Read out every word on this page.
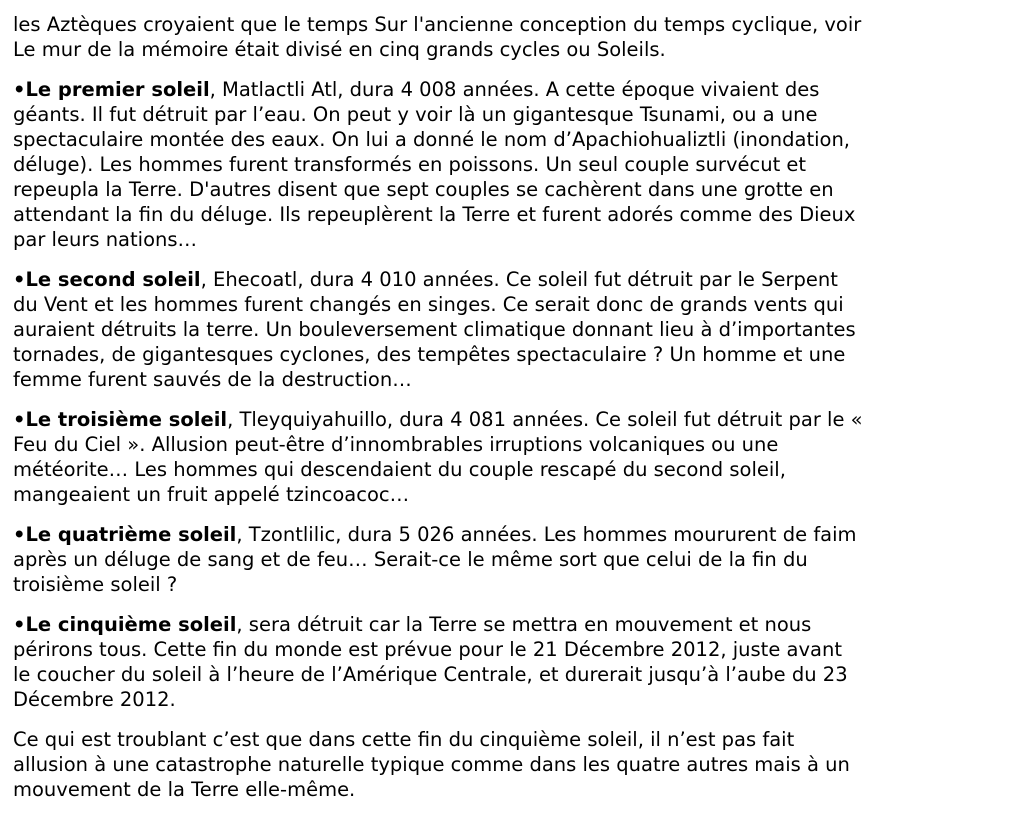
les Aztèques croyaient que le temps Sur l'ancienne conception du temps cyclique, voir
Le mur de la mémoire était divisé en cinq grands cycles ou Soleils.
•Le premier soleil, Matlactli Atl, dura 4 008 années. A cette époque vivaient des
géants. Il fut détruit par l’eau. On peut y voir là un gigantesque Tsunami, ou a une
spectaculaire montée des eaux. On lui a donné le nom d’Apachiohualiztli (inondation,
déluge). Les hommes furent transformés en poissons. Un seul couple survécut et
repeupla la Terre. D'autres disent que sept couples se cachèrent dans une grotte en
attendant la fin du déluge. Ils repeuplèrent la Terre et furent adorés comme des Dieux
par leurs nations…
•Le second soleil, Ehecoatl, dura 4 010 années. Ce soleil fut détruit par le Serpent
du Vent et les hommes furent changés en singes. Ce serait donc de grands vents qui
auraient détruits la terre. Un bouleversement climatique donnant lieu à d’importantes
tornades, de gigantesques cyclones, des tempêtes spectaculaire ? Un homme et une
femme furent sauvés de la destruction…
•Le troisième soleil, Tleyquiyahuillo, dura 4 081 années. Ce soleil fut détruit par le «
Feu du Ciel ». Allusion peut-être d’innombrables irruptions volcaniques ou une
météorite… Les hommes qui descendaient du couple rescapé du second soleil,
mangeaient un fruit appelé tzincoacoc…
•Le quatrième soleil, Tzontlilic, dura 5 026 années. Les hommes moururent de faim
après un déluge de sang et de feu… Serait-ce le même sort que celui de la fin du
troisième soleil ?
•Le cinquième soleil, sera détruit car la Terre se mettra en mouvement et nous
périrons tous. Cette fin du monde est prévue pour le 21 Décembre 2012, juste avant
le coucher du soleil à l’heure de l’Amérique Centrale, et durerait jusqu’à l’aube du 23
Décembre 2012.
Ce qui est troublant c’est que dans cette fin du cinquième soleil, il n’est pas fait
allusion à une catastrophe naturelle typique comme dans les quatre autres mais à un
mouvement de la Terre elle-même.
